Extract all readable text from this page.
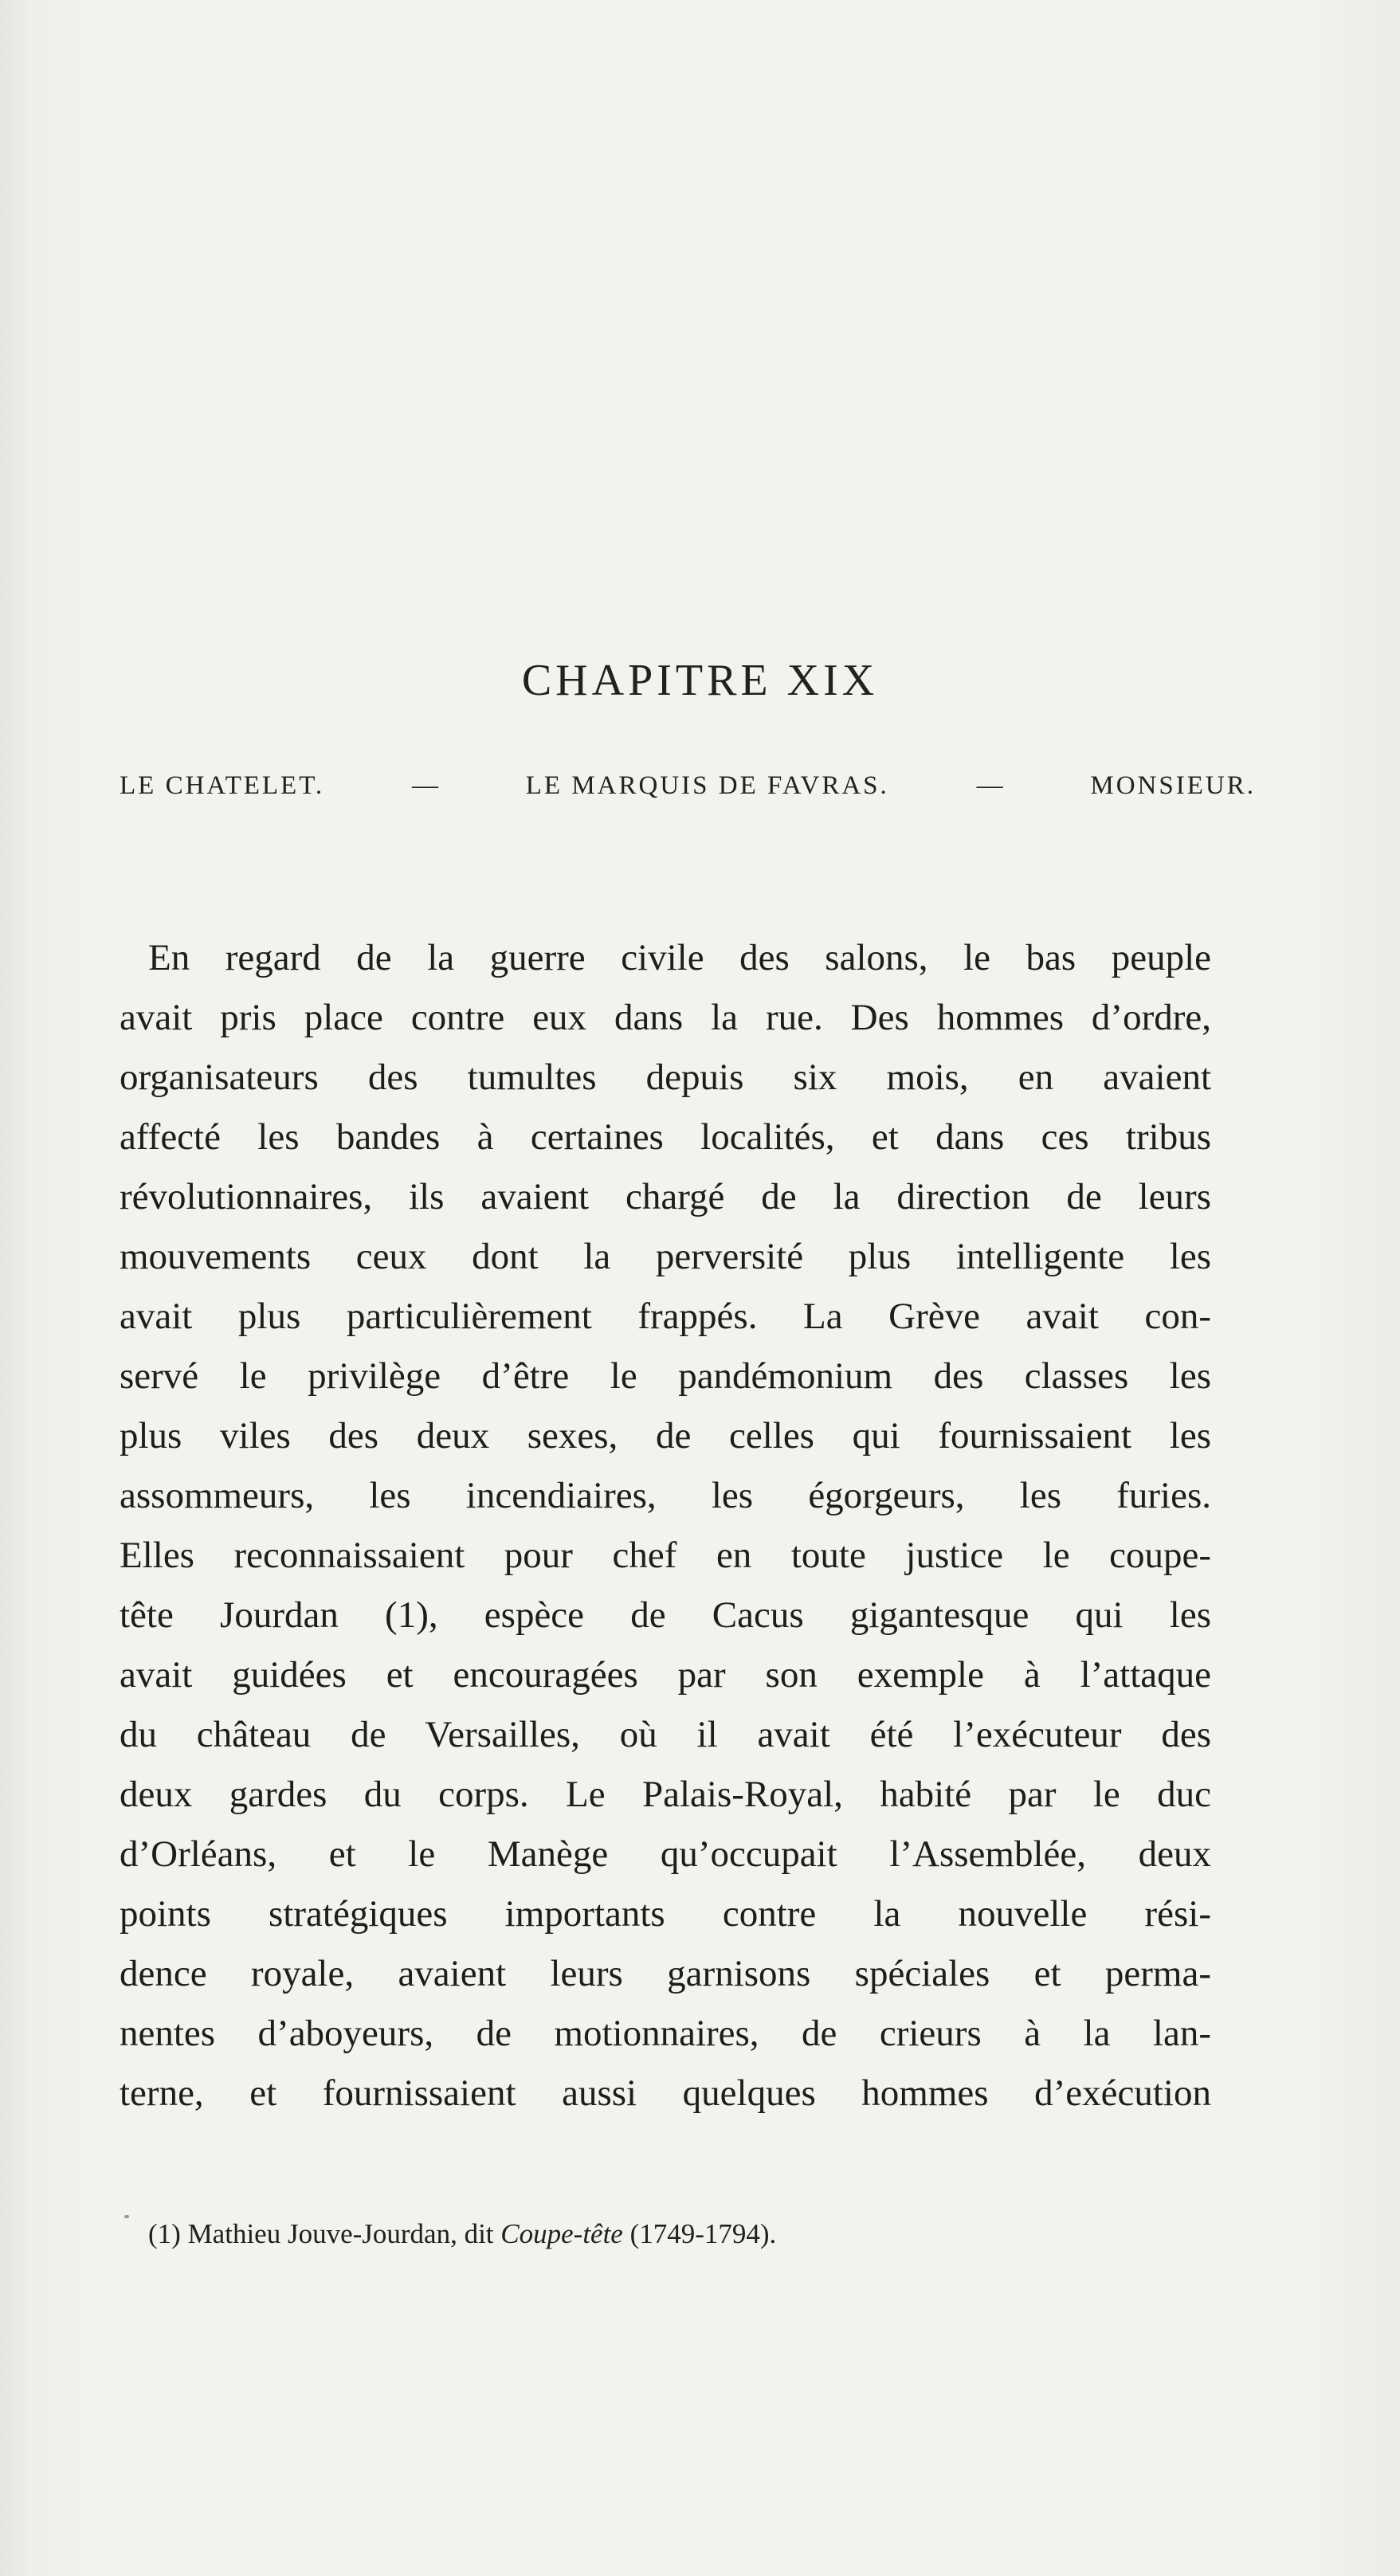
CHAPITRE XIX
LE CHATELET.	—	LE MARQUIS DE FAVRAS.	—	MONSIEUR.
En regard de la guerre civile des salons, le bas peuple
avait pris place contre eux dans la rue. Des hommes d’ordre,
organisateurs des tumultes depuis six mois, en avaient
affecté les bandes à certaines localités, et dans ces tribus
révolutionnaires, ils avaient chargé de la direction de leurs
mouvements ceux dont la perversité plus intelligente les
avait plus particulièrement frappés. La Grève avait con-
servé le privilège d’être le pandémonium des classes les
plus viles des deux sexes, de celles qui fournissaient les
assommeurs, les incendiaires, les égorgeurs, les furies.
Elles reconnaissaient pour chef en toute justice le coupe-
tête Jourdan (1), espèce de Cacus gigantesque qui les
avait guidées et encouragées par son exemple à l’attaque
du château de Versailles, où il avait été l’exécuteur des
deux gardes du corps. Le Palais-Royal, habité par le duc
d’Orléans, et le Manège qu’occupait l’Assemblée, deux
points stratégiques importants contre la nouvelle rési-
dence royale, avaient leurs garnisons spéciales et perma-
nentes d’aboyeurs, de motionnaires, de crieurs à la lan-
terne, et fournissaient aussi quelques hommes d’exécution
(1) Mathieu Jouve-Jourdan, dit Coupe-tête (1749-1794).
